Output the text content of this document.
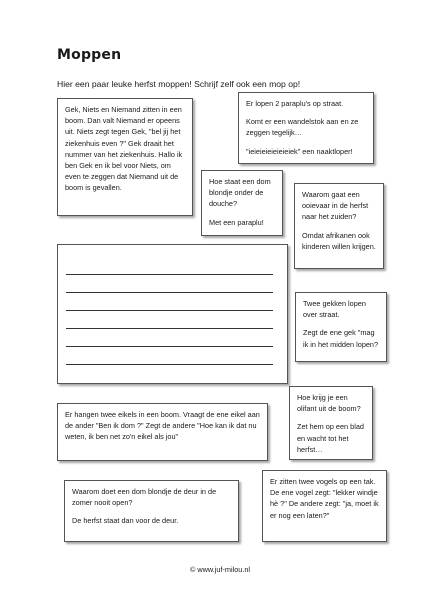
Moppen

Hier een paar leuke herfst moppen! Schrijf zelf ook een mop op!

Gek, Niets en Niemand zitten in een boom. Dan valt Niemand er opeens uit. Niets zegt tegen Gek, "bel jij het ziekenhuis even ?" Gek draait het nummer van het ziekenhuis. Hallo ik ben Gek en ik bel voor Niets, om even te zeggen dat Niemand uit de boom is gevallen.

Er lopen 2 paraplu's op straat.

Komt er een wandelstok aan en ze zeggen tegelijk…

"ieieieieieieieiek" een naaktloper!

Hoe staat een dom blondje onder de douche?

Met een paraplu!

Waarom gaat een ooievaar in de herfst naar het zuiden?

Omdat afrikanen ook kinderen willen krijgen.

Twee gekken lopen over straat.

Zegt de ene gek "mag ik in het midden lopen?

Hoe krijg je een olifant uit de boom?

Zet hem op een blad en wacht tot het herfst…

Er hangen twee eikels in een boom. Vraagt de ene eikel aan de ander "Ben ik dom ?" Zegt de andere "Hoe kan ik dat nu weten, ik ben net zo'n eikel als jou"

Er zitten twee vogels op een tak. De ene vogel zegt: "lekker windje hè ?" De andere zegt: "ja, moet ik er nog een laten?"

Waarom doet een dom blondje de deur in de zomer nooit open?

De herfst staat dan voor de deur.

© www.juf-milou.nl
